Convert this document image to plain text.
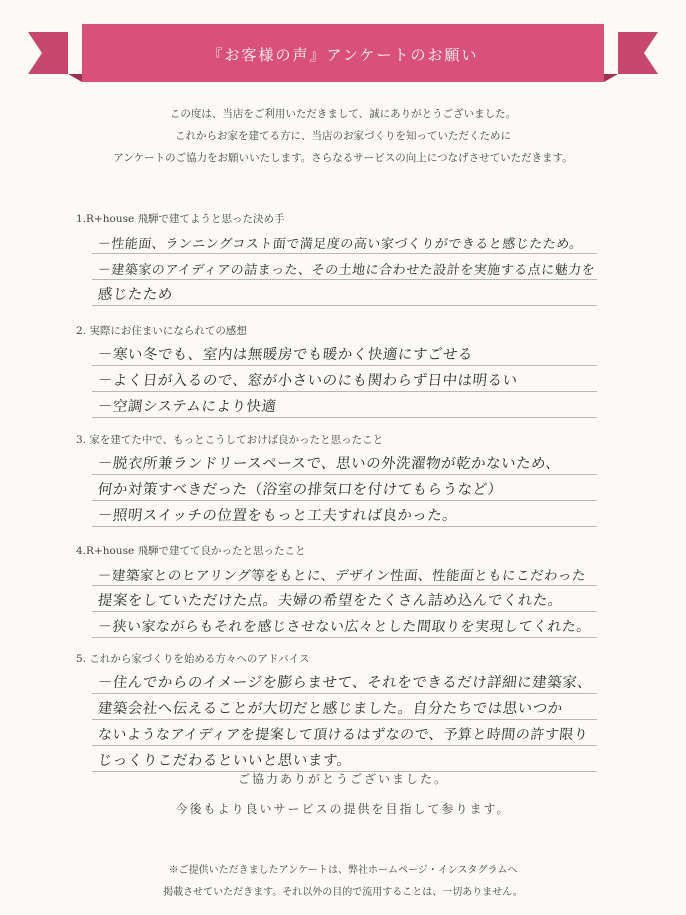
『お客様の声』アンケートのお願い
この度は、当店をご利用いただきまして、誠にありがとうございました。
これからお家を建てる方に、当店のお家づくりを知っていただくために
アンケートのご協力をお願いいたします。さらなるサービスの向上につなげさせていただきます。
1.R+house 飛騨で建てようと思った決め手
－性能面、ランニングコスト面で満足度の高い家づくりができると感じたため。
－建築家のアイディアの詰まった、その土地に合わせた設計を実施する点に魅力を
感じたため
2. 実際にお住まいになられての感想
－寒い冬でも、室内は無暖房でも暖かく快適にすごせる
－よく日が入るので、窓が小さいのにも関わらず日中は明るい
－空調システムにより快適
3. 家を建てた中で、もっとこうしておけば良かったと思ったこと
－脱衣所兼ランドリースペースで、思いの外洗濯物が乾かないため、
何か対策すべきだった（浴室の排気口を付けてもらうなど）
－照明スイッチの位置をもっと工夫すれば良かった。
4.R+house 飛騨で建てて良かったと思ったこと
－建築家とのヒアリング等をもとに、デザイン性面、性能面ともにこだわった
提案をしていただけた点。夫婦の希望をたくさん詰め込んでくれた。
－狭い家ながらもそれを感じさせない広々とした間取りを実現してくれた。
5. これから家づくりを始める方々へのアドバイス
－住んでからのイメージを膨らませて、それをできるだけ詳細に建築家、
建築会社へ伝えることが大切だと感じました。自分たちでは思いつか
ないようなアイディアを提案して頂けるはずなので、予算と時間の許す限り
じっくりこだわるといいと思います。
ご協力ありがとうございました。
今後もより良いサービスの提供を目指して参ります。
※ご提供いただきましたアンケートは、弊社ホームページ・インスタグラムへ
掲載させていただきます。それ以外の目的で流用することは、一切ありません。
